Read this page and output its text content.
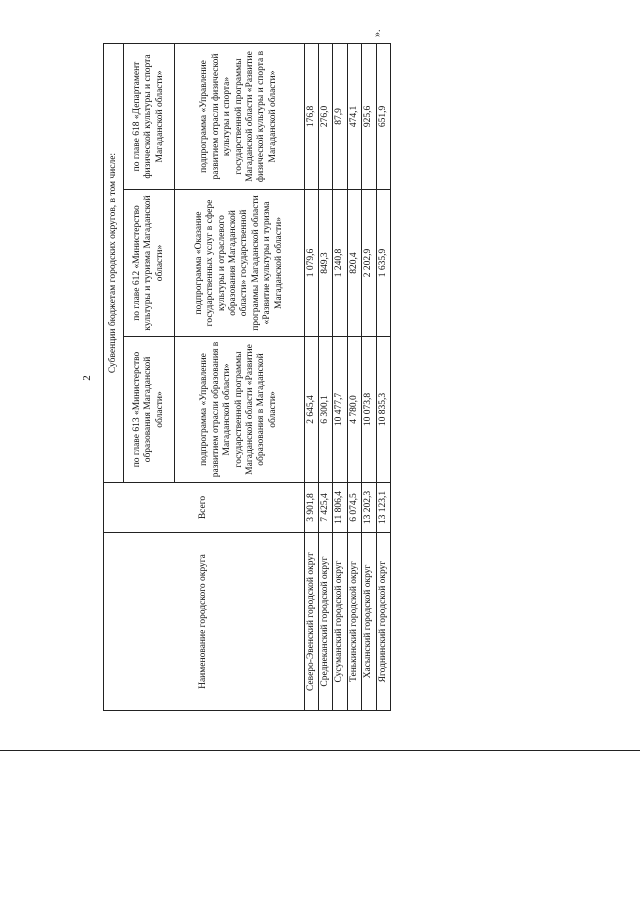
2
Наименование городского округа	Всего	Субвенции бюджетам городских округов, в том числе:		
		по главе 613 «Министерство образования Магаданской области»	по главе 612 «Министерство культуры и туризма Магаданской области»	по главе 618 «Департамент физической культуры и спорта Магаданской области»
		подпрограмма «Управление развитием отрасли образования в Магаданской области» государственной программы Магаданской области «Развитие образования в Магаданской области»	подпрограмма «Оказание государственных услуг в сфере культуры и отраслевого образования Магаданской области» государственной программы Магаданской области «Развитие культуры и туризма Магаданской области»	подпрограмма «Управление развитием отрасли физической культуры и спорта» государственной программы Магаданской области «Развитие физической культуры и спорта в Магаданской области»
Северо-Эвенский городской округ	3 901,8	2 645,4	1 079,6	176,8
Среднеканский городской округ	7 425,4	6 300,1	849,3	276,0
Сусуманский городской округ	11 806,4	10 477,7	1 240,8	87,9
Тенькинский городской округ	6 074,5	4 780,0	820,4	474,1
Хасынский городской округ	13 202,3	10 073,8	2 202,9	925,6
Ягоднинский городской округ	13 123,1	10 835,3	1 635,9	651,9
».
